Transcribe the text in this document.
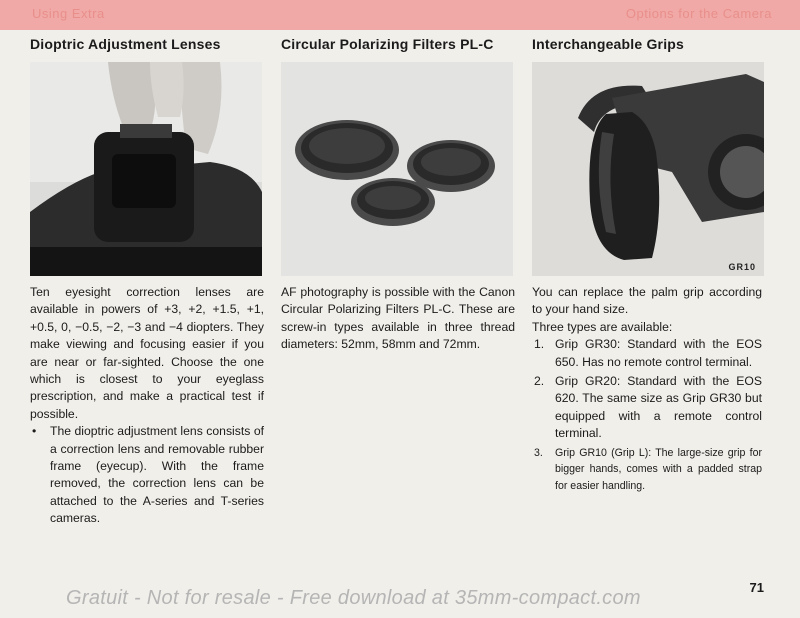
Using Extra	Options for the Camera
Dioptric Adjustment Lenses

Ten eyesight correction lenses are available in powers of +3, +2, +1.5, +1, +0.5, 0, −0.5, −2, −3 and −4 diopters. They make viewing and focusing easier if you are near or far-sighted. Choose the one which is closest to your eyeglass prescription, and make a practical test if possible.

• The dioptric adjustment lens consists of a correction lens and removable rubber frame (eyecup). With the frame removed, the correction lens can be attached to the A-series and T-series cameras.
Circular Polarizing Filters PL-C

AF photography is possible with the Canon Circular Polarizing Filters PL-C. These are screw-in types available in three thread diameters: 52mm, 58mm and 72mm.

Interchangeable Grips
GR10

You can replace the palm grip according to your hand size.

Three types are available:

1. Grip GR30: Standard with the EOS 650. Has no remote control terminal.
2. Grip GR20: Standard with the EOS 620. The same size as Grip GR30 but equipped with a remote control terminal.
3. Grip GR10 (Grip L): The large-size grip for bigger hands, comes with a padded strap for easier handling.
71
Gratuit - Not for resale - Free download at 35mm-compact.com
